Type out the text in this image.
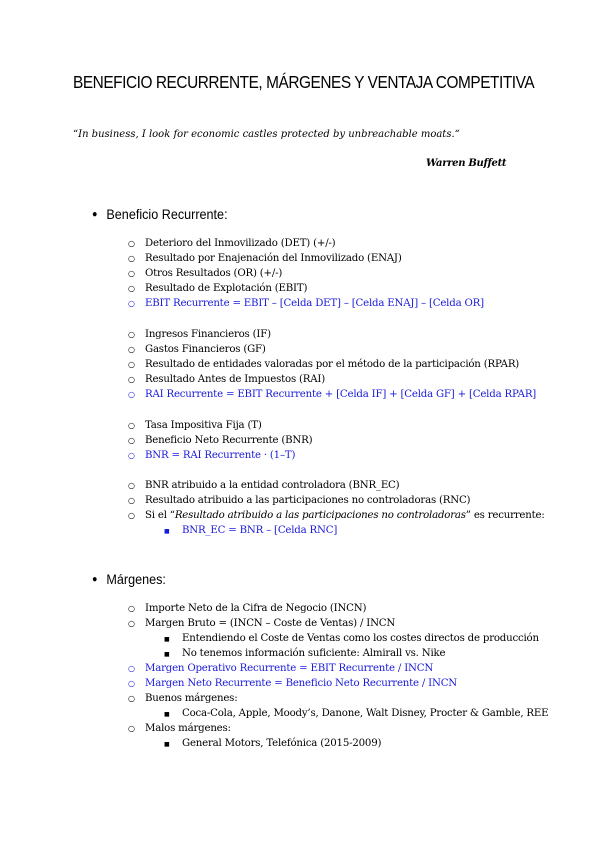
BENEFICIO RECURRENTE, MÁRGENES Y VENTAJA COMPETITIVA
“In business, I look for economic castles protected by unbreachable moats.“
Warren Buffett
● Beneficio Recurrente:
○ Deterioro del Inmovilizado (DET) (+/-)
○ Resultado por Enajenación del Inmovilizado (ENAJ)
○ Otros Resultados (OR) (+/-)
○ Resultado de Explotación (EBIT)
○ EBIT Recurrente = EBIT – [Celda DET] – [Celda ENAJ] – [Celda OR]
○ Ingresos Financieros (IF)
○ Gastos Financieros (GF)
○ Resultado de entidades valoradas por el método de la participación (RPAR)
○ Resultado Antes de Impuestos (RAI)
○ RAI Recurrente = EBIT Recurrente + [Celda IF] + [Celda GF] + [Celda RPAR]
○ Tasa Impositiva Fija (T)
○ Beneficio Neto Recurrente (BNR)
○ BNR = RAI Recurrente · (1–T)
○ BNR atribuido a la entidad controladora (BNR_EC)
○ Resultado atribuido a las participaciones no controladoras (RNC)
○ Si el “Resultado atribuido a las participaciones no controladoras” es recurrente:
■ BNR_EC = BNR – [Celda RNC]
● Márgenes:
○ Importe Neto de la Cifra de Negocio (INCN)
○ Margen Bruto = (INCN – Coste de Ventas) / INCN
■ Entendiendo el Coste de Ventas como los costes directos de producción
■ No tenemos información suficiente: Almirall vs. Nike
○ Margen Operativo Recurrente = EBIT Recurrente / INCN
○ Margen Neto Recurrente = Beneficio Neto Recurrente / INCN
○ Buenos márgenes:
■ Coca-Cola, Apple, Moody’s, Danone, Walt Disney, Procter & Gamble, REE
○ Malos márgenes:
■ General Motors, Telefónica (2015-2009)
